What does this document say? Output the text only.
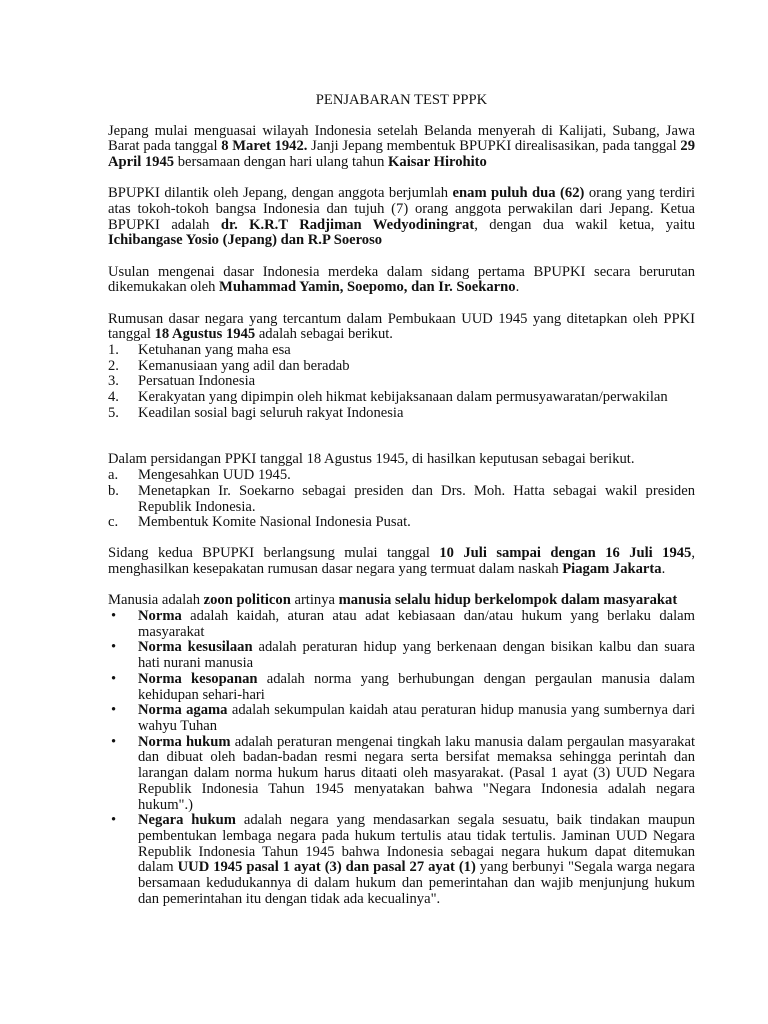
PENJABARAN TEST PPPK
Jepang mulai menguasai wilayah Indonesia setelah Belanda menyerah di Kalijati, Subang, Jawa Barat pada tanggal 8 Maret 1942. Janji Jepang membentuk BPUPKI direalisasikan, pada tanggal 29 April 1945 bersamaan dengan hari ulang tahun Kaisar Hirohito
BPUPKI dilantik oleh Jepang, dengan anggota berjumlah enam puluh dua (62) orang yang terdiri atas tokoh-tokoh bangsa Indonesia dan tujuh (7) orang anggota perwakilan dari Jepang. Ketua BPUPKI adalah dr. K.R.T Radjiman Wedyodiningrat, dengan dua wakil ketua, yaitu Ichibangase Yosio (Jepang) dan R.P Soeroso
Usulan mengenai dasar Indonesia merdeka dalam sidang pertama BPUPKI secara berurutan dikemukakan oleh Muhammad Yamin, Soepomo, dan Ir. Soekarno.
Rumusan dasar negara yang tercantum dalam Pembukaan UUD 1945 yang ditetapkan oleh PPKI tanggal 18 Agustus 1945 adalah sebagai berikut.
1.	Ketuhanan yang maha esa
2.	Kemanusiaan yang adil dan beradab
3.	Persatuan Indonesia
4.	Kerakyatan yang dipimpin oleh hikmat kebijaksanaan dalam permusyawaratan/perwakilan
5.	Keadilan sosial bagi seluruh rakyat Indonesia
Dalam persidangan PPKI tanggal 18 Agustus 1945, di hasilkan keputusan sebagai berikut.
a.	Mengesahkan UUD 1945.
b.	Menetapkan Ir. Soekarno sebagai presiden dan Drs. Moh. Hatta sebagai wakil presiden Republik Indonesia.
c.	Membentuk Komite Nasional Indonesia Pusat.
Sidang kedua BPUPKI berlangsung mulai tanggal 10 Juli sampai dengan 16 Juli 1945, menghasilkan kesepakatan rumusan dasar negara yang termuat dalam naskah Piagam Jakarta.
Manusia adalah zoon politicon artinya manusia selalu hidup berkelompok dalam masyarakat
•	Norma adalah kaidah, aturan atau adat kebiasaan dan/atau hukum yang berlaku dalam masyarakat
•	Norma kesusilaan adalah peraturan hidup yang berkenaan dengan bisikan kalbu dan suara hati nurani manusia
•	Norma kesopanan adalah norma yang berhubungan dengan pergaulan manusia dalam kehidupan sehari-hari
•	Norma agama adalah sekumpulan kaidah atau peraturan hidup manusia yang sumbernya dari wahyu Tuhan
•	Norma hukum adalah peraturan mengenai tingkah laku manusia dalam pergaulan masyarakat dan dibuat oleh badan-badan resmi negara serta bersifat memaksa sehingga perintah dan larangan dalam norma hukum harus ditaati oleh masyarakat. (Pasal 1 ayat (3) UUD Negara Republik Indonesia Tahun 1945 menyatakan bahwa "Negara Indonesia adalah negara hukum".)
•	Negara hukum adalah negara yang mendasarkan segala sesuatu, baik tindakan maupun pembentukan lembaga negara pada hukum tertulis atau tidak tertulis. Jaminan UUD Negara Republik Indonesia Tahun 1945 bahwa Indonesia sebagai negara hukum dapat ditemukan dalam UUD 1945 pasal 1 ayat (3) dan pasal 27 ayat (1) yang berbunyi "Segala warga negara bersamaan kedudukannya di dalam hukum dan pemerintahan dan wajib menjunjung hukum dan pemerintahan itu dengan tidak ada kecualinya".
